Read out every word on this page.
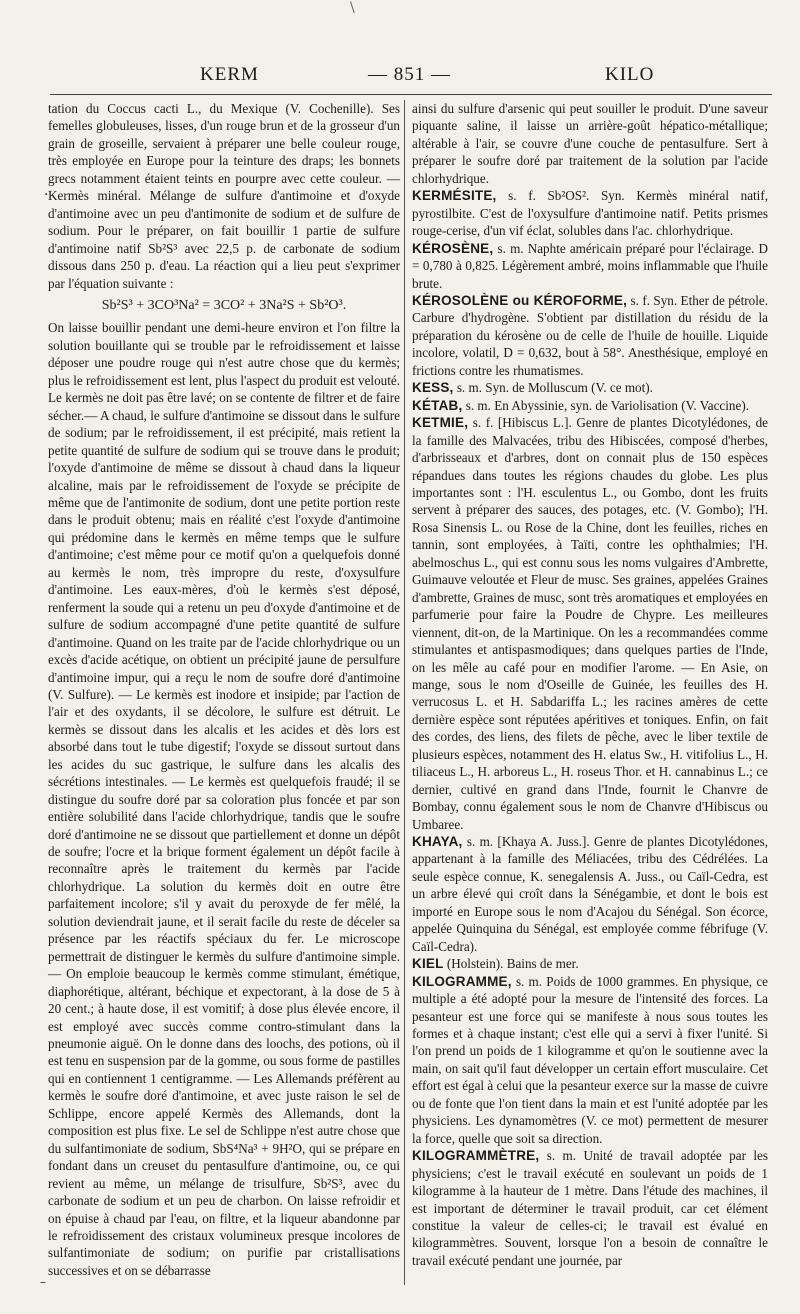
KERM	— 851 —	KILO
\
·
–

tation du Coccus cacti L., du Mexique (V. Cochenille). Ses femelles globuleuses, lisses, d'un rouge brun et de la grosseur d'un grain de groseille, servaient à préparer une belle couleur rouge, très employée en Europe pour la teinture des draps; les bonnets grecs notamment étaient teints en pourpre avec cette couleur. — Kermès minéral. Mélange de sulfure d'antimoine et d'oxyde d'antimoine avec un peu d'antimonite de sodium et de sulfure de sodium. Pour le préparer, on fait bouillir 1 partie de sulfure d'antimoine natif Sb²S³ avec 22,5 p. de carbonate de sodium dissous dans 250 p. d'eau. La réaction qui a lieu peut s'exprimer par l'équation suivante :

Sb²S³ + 3CO³Na² = 3CO² + 3Na²S + Sb²O³.

On laisse bouillir pendant une demi-heure environ et l'on filtre la solution bouillante qui se trouble par le refroidissement et laisse déposer une poudre rouge qui n'est autre chose que du kermès; plus le refroidissement est lent, plus l'aspect du produit est velouté. Le kermès ne doit pas être lavé; on se contente de filtrer et de faire sécher.— A chaud, le sulfure d'antimoine se dissout dans le sulfure de sodium; par le refroidissement, il est précipité, mais retient la petite quantité de sulfure de sodium qui se trouve dans le produit; l'oxyde d'antimoine de même se dissout à chaud dans la liqueur alcaline, mais par le refroidissement de l'oxyde se précipite de même que de l'antimonite de sodium, dont une petite portion reste dans le produit obtenu; mais en réalité c'est l'oxyde d'antimoine qui prédomine dans le kermès en même temps que le sulfure d'antimoine; c'est même pour ce motif qu'on a quelquefois donné au kermès le nom, très impropre du reste, d'oxysulfure d'antimoine. Les eaux-mères, d'où le kermès s'est déposé, renferment la soude qui a retenu un peu d'oxyde d'antimoine et de sulfure de sodium accompagné d'une petite quantité de sulfure d'antimoine. Quand on les traite par de l'acide chlorhydrique ou un excès d'acide acétique, on obtient un précipité jaune de persulfure d'antimoine impur, qui a reçu le nom de soufre doré d'antimoine (V. Sulfure). — Le kermès est inodore et insipide; par l'action de l'air et des oxydants, il se décolore, le sulfure est détruit. Le kermès se dissout dans les alcalis et les acides et dès lors est absorbé dans tout le tube digestif; l'oxyde se dissout surtout dans les acides du suc gastrique, le sulfure dans les alcalis des sécrétions intestinales. — Le kermès est quelquefois fraudé; il se distingue du soufre doré par sa coloration plus foncée et par son entière solubilité dans l'acide chlorhydrique, tandis que le soufre doré d'antimoine ne se dissout que partiellement et donne un dépôt de soufre; l'ocre et la brique forment également un dépôt facile à reconnaître après le traitement du kermès par l'acide chlorhydrique. La solution du kermès doit en outre être parfaitement incolore; s'il y avait du peroxyde de fer mêlé, la solution deviendrait jaune, et il serait facile du reste de déceler sa présence par les réactifs spéciaux du fer. Le microscope permettrait de distinguer le kermès du sulfure d'antimoine simple. — On emploie beaucoup le kermès comme stimulant, émétique, diaphorétique, altérant, béchique et expectorant, à la dose de 5 à 20 cent.; à haute dose, il est vomitif; à dose plus élevée encore, il est employé avec succès comme contro-stimulant dans la pneumonie aiguë. On le donne dans des loochs, des potions, où il est tenu en suspension par de la gomme, ou sous forme de pastilles qui en contiennent 1 centigramme. — Les Allemands préfèrent au kermès le soufre doré d'antimoine, et avec juste raison le sel de Schlippe, encore appelé Kermès des Allemands, dont la composition est plus fixe. Le sel de Schlippe n'est autre chose que du sulfantimoniate de sodium, SbS⁴Na³ + 9H²O, qui se prépare en fondant dans un creuset du pentasulfure d'antimoine, ou, ce qui revient au même, un mélange de trisulfure, Sb²S³, avec du carbonate de sodium et un peu de charbon. On laisse refroidir et on épuise à chaud par l'eau, on filtre, et la liqueur abandonne par le refroidissement des cristaux volumineux presque incolores de sulfantimoniate de sodium; on purifie par cristallisations successives et on se débarrasse

ainsi du sulfure d'arsenic qui peut souiller le produit. D'une saveur piquante saline, il laisse un arrière-goût hépatico-métallique; altérable à l'air, se couvre d'une couche de pentasulfure. Sert à préparer le soufre doré par traitement de la solution par l'acide chlorhydrique.

KERMÉSITE, s. f. Sb²OS². Syn. Kermès minéral natif, pyrostilbite. C'est de l'oxysulfure d'antimoine natif. Petits prismes rouge-cerise, d'un vif éclat, solubles dans l'ac. chlorhydrique.

KÉROSÈNE, s. m. Naphte américain préparé pour l'éclairage. D = 0,780 à 0,825. Légèrement ambré, moins inflammable que l'huile brute.

KÉROSOLÈNE ou KÉROFORME, s. f. Syn. Ether de pétrole. Carbure d'hydrogène. S'obtient par distillation du résidu de la préparation du kérosène ou de celle de l'huile de houille. Liquide incolore, volatil, D = 0,632, bout à 58°. Anesthésique, employé en frictions contre les rhumatismes.

KESS, s. m. Syn. de Molluscum (V. ce mot).

KÉTAB, s. m. En Abyssinie, syn. de Variolisation (V. Vaccine).

KETMIE, s. f. [Hibiscus L.]. Genre de plantes Dicotylédones, de la famille des Malvacées, tribu des Hibiscées, composé d'herbes, d'arbrisseaux et d'arbres, dont on connait plus de 150 espèces répandues dans toutes les régions chaudes du globe. Les plus importantes sont : l'H. esculentus L., ou Gombo, dont les fruits servent à préparer des sauces, des potages, etc. (V. Gombo); l'H. Rosa Sinensis L. ou Rose de la Chine, dont les feuilles, riches en tannin, sont employées, à Taïti, contre les ophthalmies; l'H. abelmoschus L., qui est connu sous les noms vulgaires d'Ambrette, Guimauve veloutée et Fleur de musc. Ses graines, appelées Graines d'ambrette, Graines de musc, sont très aromatiques et employées en parfumerie pour faire la Poudre de Chypre. Les meilleures viennent, dit-on, de la Martinique. On les a recommandées comme stimulantes et antispasmodiques; dans quelques parties de l'Inde, on les mêle au café pour en modifier l'arome. — En Asie, on mange, sous le nom d'Oseille de Guinée, les feuilles des H. verrucosus L. et H. Sabdariffa L.; les racines amères de cette dernière espèce sont réputées apéritives et toniques. Enfin, on fait des cordes, des liens, des filets de pêche, avec le liber textile de plusieurs espèces, notamment des H. elatus Sw., H. vitifolius L., H. tiliaceus L., H. arboreus L., H. roseus Thor. et H. cannabinus L.; ce dernier, cultivé en grand dans l'Inde, fournit le Chanvre de Bombay, connu également sous le nom de Chanvre d'Hibiscus ou Umbaree.

KHAYA, s. m. [Khaya A. Juss.]. Genre de plantes Dicotylédones, appartenant à la famille des Méliacées, tribu des Cédrélées. La seule espèce connue, K. senegalensis A. Juss., ou Caïl-Cedra, est un arbre élevé qui croît dans la Sénégambie, et dont le bois est importé en Europe sous le nom d'Acajou du Sénégal. Son écorce, appelée Quinquina du Sénégal, est employée comme fébrifuge (V. Caïl-Cedra).

KIEL (Holstein). Bains de mer.

KILOGRAMME, s. m. Poids de 1000 grammes. En physique, ce multiple a été adopté pour la mesure de l'intensité des forces. La pesanteur est une force qui se manifeste à nous sous toutes les formes et à chaque instant; c'est elle qui a servi à fixer l'unité. Si l'on prend un poids de 1 kilogramme et qu'on le soutienne avec la main, on sait qu'il faut développer un certain effort musculaire. Cet effort est égal à celui que la pesanteur exerce sur la masse de cuivre ou de fonte que l'on tient dans la main et est l'unité adoptée par les physiciens. Les dynamomètres (V. ce mot) permettent de mesurer la force, quelle que soit sa direction.

KILOGRAMMÈTRE, s. m. Unité de travail adoptée par les physiciens; c'est le travail exécuté en soulevant un poids de 1 kilogramme à la hauteur de 1 mètre. Dans l'étude des machines, il est important de déterminer le travail produit, car cet élément constitue la valeur de celles-ci; le travail est évalué en kilogrammètres. Souvent, lorsque l'on a besoin de connaître le travail exécuté pendant une journée, par
